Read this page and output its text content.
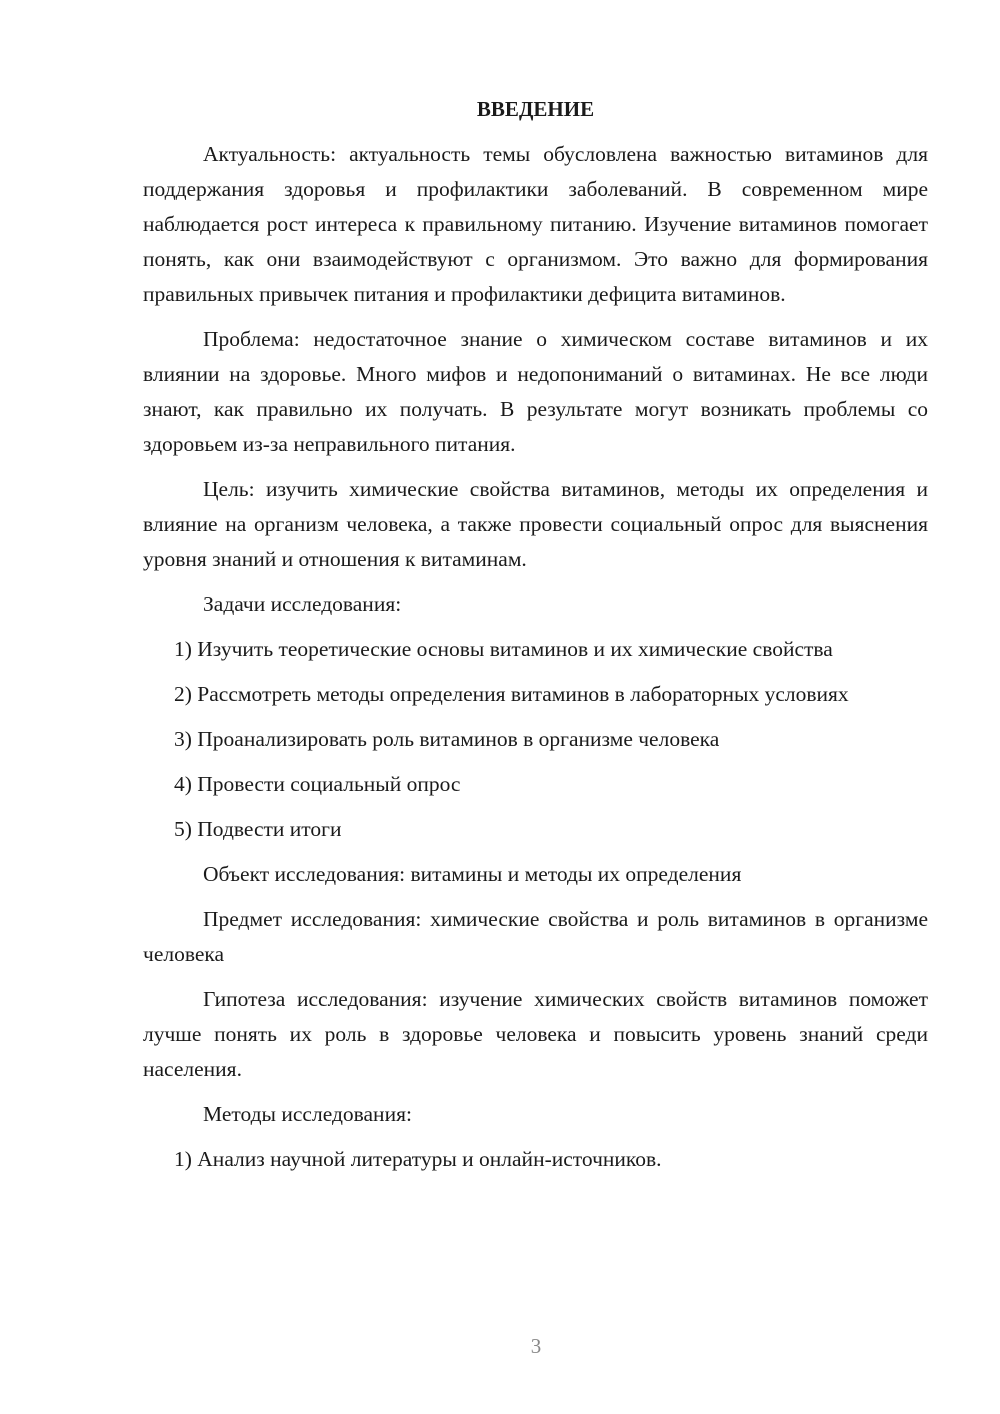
ВВЕДЕНИЕ

Актуальность: актуальность темы обусловлена важностью витаминов для поддержания здоровья и профилактики заболеваний. В современном мире наблюдается рост интереса к правильному питанию. Изучение витаминов помогает понять, как они взаимодействуют с организмом. Это важно для формирования правильных привычек питания и профилактики дефицита витаминов.

Проблема: недостаточное знание о химическом составе витаминов и их влиянии на здоровье. Много мифов и недопониманий о витаминах. Не все люди знают, как правильно их получать. В результате могут возникать проблемы со здоровьем из-за неправильного питания.

Цель: изучить химические свойства витаминов, методы их определения и влияние на организм человека, а также провести социальный опрос для выяснения уровня знаний и отношения к витаминам.

Задачи исследования:

1) Изучить теоретические основы витаминов и их химические свойства

2) Рассмотреть методы определения витаминов в лабораторных условиях

3) Проанализировать роль витаминов в организме человека

4) Провести социальный опрос

5) Подвести итоги

Объект исследования: витамины и методы их определения

Предмет исследования: химические свойства и роль витаминов в организме человека

Гипотеза исследования: изучение химических свойств витаминов поможет лучше понять их роль в здоровье человека и повысить уровень знаний среди населения.

Методы исследования:

1) Анализ научной литературы и онлайн-источников.

3
